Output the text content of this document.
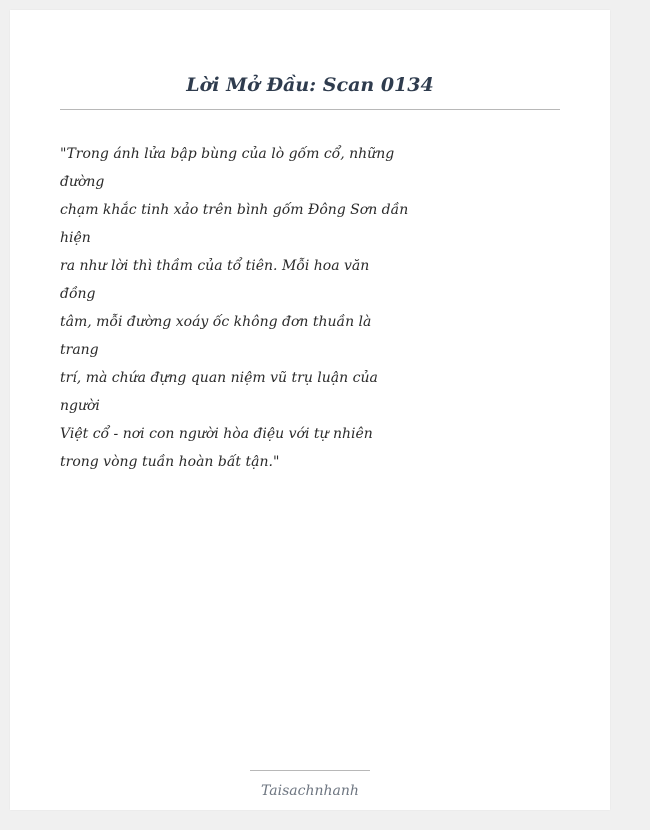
Lời Mở Đầu: Scan 0134
"Trong ánh lửa bập bùng của lò gốm cổ, những
đường
chạm khắc tinh xảo trên bình gốm Đông Sơn dần
hiện
ra như lời thì thầm của tổ tiên. Mỗi hoa văn
đồng
tâm, mỗi đường xoáy ốc không đơn thuần là
trang
trí, mà chứa đựng quan niệm vũ trụ luận của
người
Việt cổ - nơi con người hòa điệu với tự nhiên
trong vòng tuần hoàn bất tận."
Taisachnhanh
